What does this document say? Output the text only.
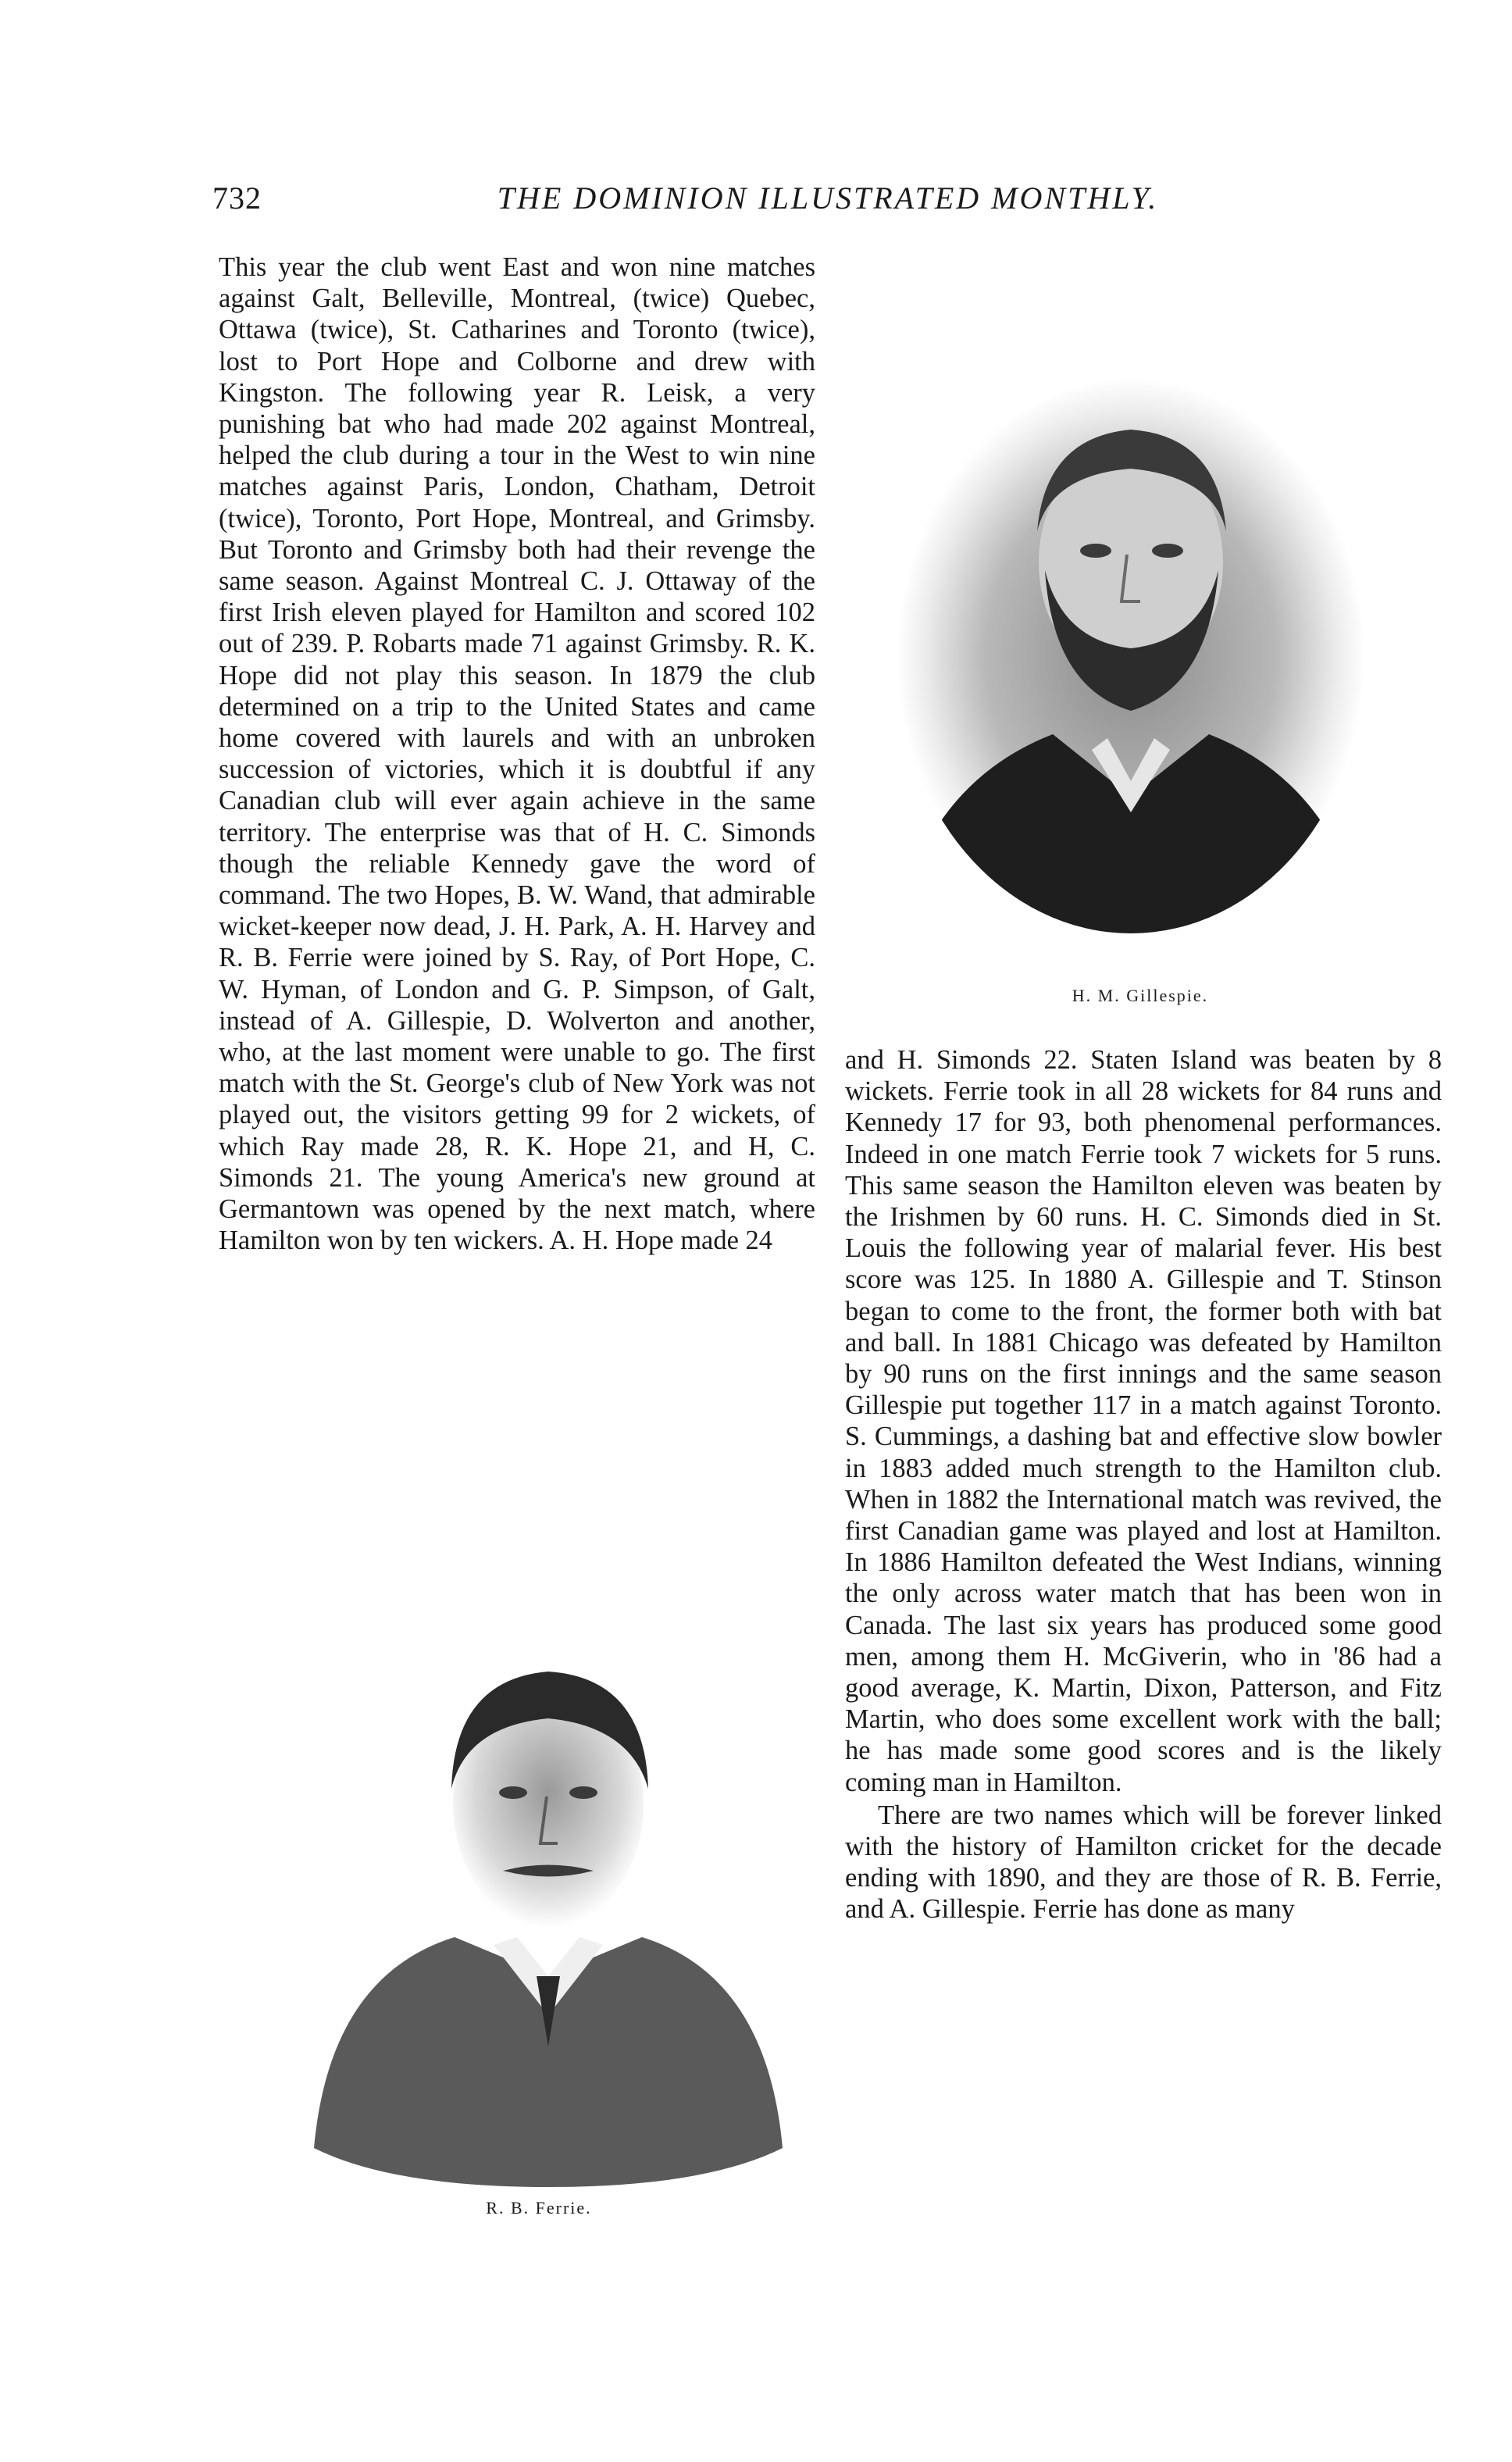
732	THE DOMINION ILLUSTRATED MONTHLY.

This year the club went East and won nine matches against Galt, Belleville, Montreal, (twice) Quebec, Ottawa (twice), St. Catharines and Toronto (twice), lost to Port Hope and Colborne and drew with Kingston. The following year R. Leisk, a very punishing bat who had made 202 against Montreal, helped the club during a tour in the West to win nine matches against Paris, London, Chatham, Detroit (twice), Toronto, Port Hope, Montreal, and Grimsby. But Toronto and Grimsby both had their revenge the same season. Against Montreal C. J. Ottaway of the first Irish eleven played for Hamilton and scored 102 out of 239. P. Robarts made 71 against Grimsby. R. K. Hope did not play this season. In 1879 the club determined on a trip to the United States and came home covered with laurels and with an unbroken succession of victories, which it is doubtful if any Canadian club will ever again achieve in the same territory. The enterprise was that of H. C. Simonds though the reliable Kennedy gave the word of command. The two Hopes, B. W. Wand, that admirable wicket-keeper now dead, J. H. Park, A. H. Harvey and R. B. Ferrie were joined by S. Ray, of Port Hope, C. W. Hyman, of London and G. P. Simpson, of Galt, instead of A. Gillespie, D. Wolverton and another, who, at the last moment were unable to go. The first match with the St. George's club of New York was not played out, the visitors getting 99 for 2 wickets, of which Ray made 28, R. K. Hope 21, and H, C. Simonds 21. The young America's new ground at Germantown was opened by the next match, where Hamilton won by ten wickers. A. H. Hope made 24

H. M. Gillespie.

and H. Simonds 22. Staten Island was beaten by 8 wickets. Ferrie took in all 28 wickets for 84 runs and Kennedy 17 for 93, both phenomenal performances. Indeed in one match Ferrie took 7 wickets for 5 runs. This same season the Hamilton eleven was beaten by the Irishmen by 60 runs. H. C. Simonds died in St. Louis the following year of malarial fever. His best score was 125. In 1880 A. Gillespie and T. Stinson began to come to the front, the former both with bat and ball. In 1881 Chicago was defeated by Hamilton by 90 runs on the first innings and the same season Gillespie put together 117 in a match against Toronto. S. Cummings, a dashing bat and effective slow bowler in 1883 added much strength to the Hamilton club. When in 1882 the International match was revived, the first Canadian game was played and lost at Hamilton. In 1886 Hamilton defeated the West Indians, winning the only across water match that has been won in Canada. The last six years has produced some good men, among them H. McGiverin, who in '86 had a good average, K. Martin, Dixon, Patterson, and Fitz Martin, who does some excellent work with the ball; he has made some good scores and is the likely coming man in Hamilton.

There are two names which will be forever linked with the history of Hamilton cricket for the decade ending with 1890, and they are those of R. B. Ferrie, and A. Gillespie. Ferrie has done as many

R. B. Ferrie.
